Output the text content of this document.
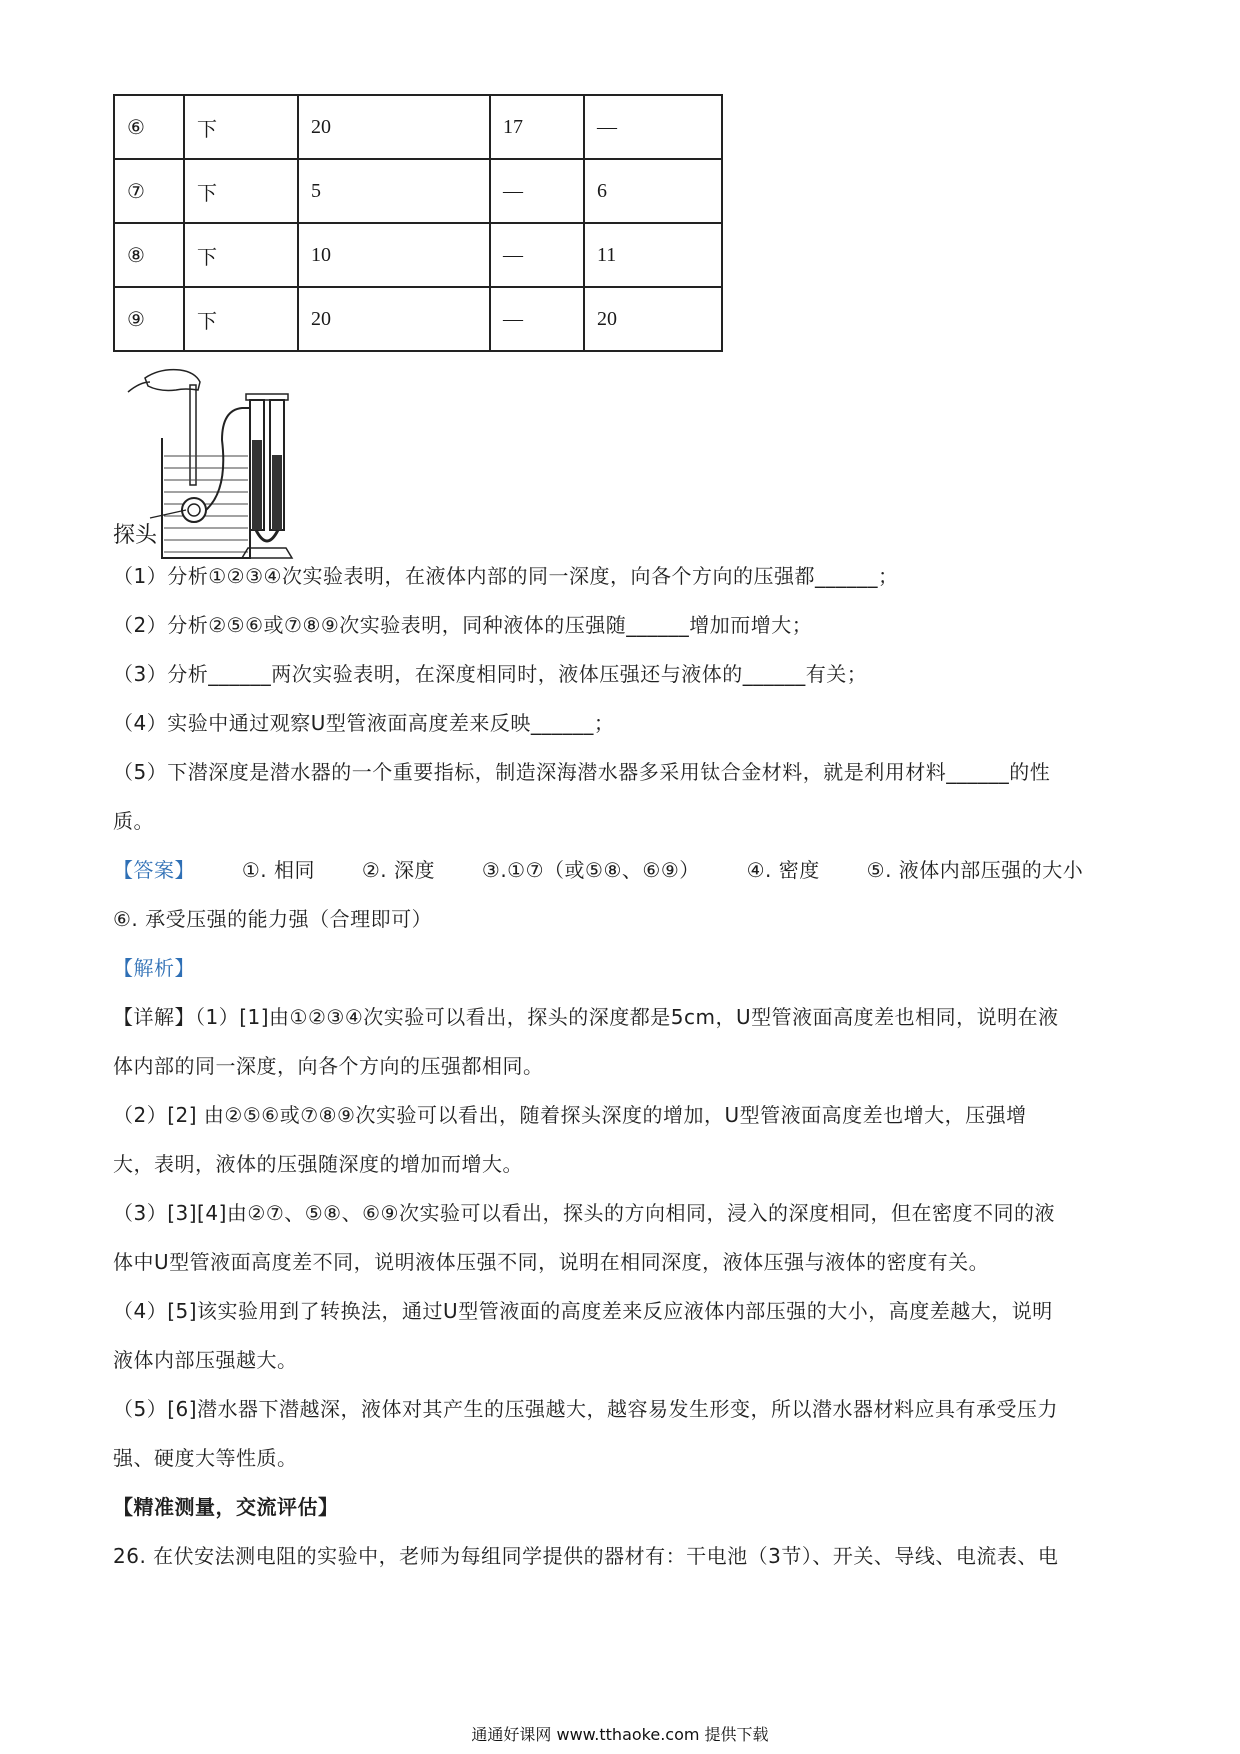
⑥	下	20	17	—
⑦	下	5	—	6
⑧	下	10	—	11
⑨	下	20	—	20
探头
（1）分析①②③④次实验表明，在液体内部的同一深度，向各个方向的压强都______；
（2）分析②⑤⑥或⑦⑧⑨次实验表明，同种液体的压强随______增加而增大；
（3）分析______两次实验表明，在深度相同时，液体压强还与液体的______有关；
（4）实验中通过观察U型管液面高度差来反映______；
（5）下潜深度是潜水器的一个重要指标，制造深海潜水器多采用钛合金材料，就是利用材料______的性
质。
【答案】 ①. 相同 ②. 深度 ③.①⑦（或⑤⑧、⑥⑨） ④. 密度 ⑤. 液体内部压强的大小
⑥. 承受压强的能力强（合理即可）
【解析】
【详解】（1）[1]由①②③④次实验可以看出，探头的深度都是5cm，U型管液面高度差也相同，说明在液
体内部的同一深度，向各个方向的压强都相同。
（2）[2] 由②⑤⑥或⑦⑧⑨次实验可以看出，随着探头深度的增加，U型管液面高度差也增大，压强增
大，表明，液体的压强随深度的增加而增大。
（3）[3][4]由②⑦、⑤⑧、⑥⑨次实验可以看出，探头的方向相同，浸入的深度相同，但在密度不同的液
体中U型管液面高度差不同，说明液体压强不同，说明在相同深度，液体压强与液体的密度有关。
（4）[5]该实验用到了转换法，通过U型管液面的高度差来反应液体内部压强的大小，高度差越大，说明
液体内部压强越大。
（5）[6]潜水器下潜越深，液体对其产生的压强越大，越容易发生形变，所以潜水器材料应具有承受压力
强、硬度大等性质。
【精准测量，交流评估】
26. 在伏安法测电阻的实验中，老师为每组同学提供的器材有：干电池（3节）、开关、导线、电流表、电
通通好课网 www.tthaoke.com 提供下载
